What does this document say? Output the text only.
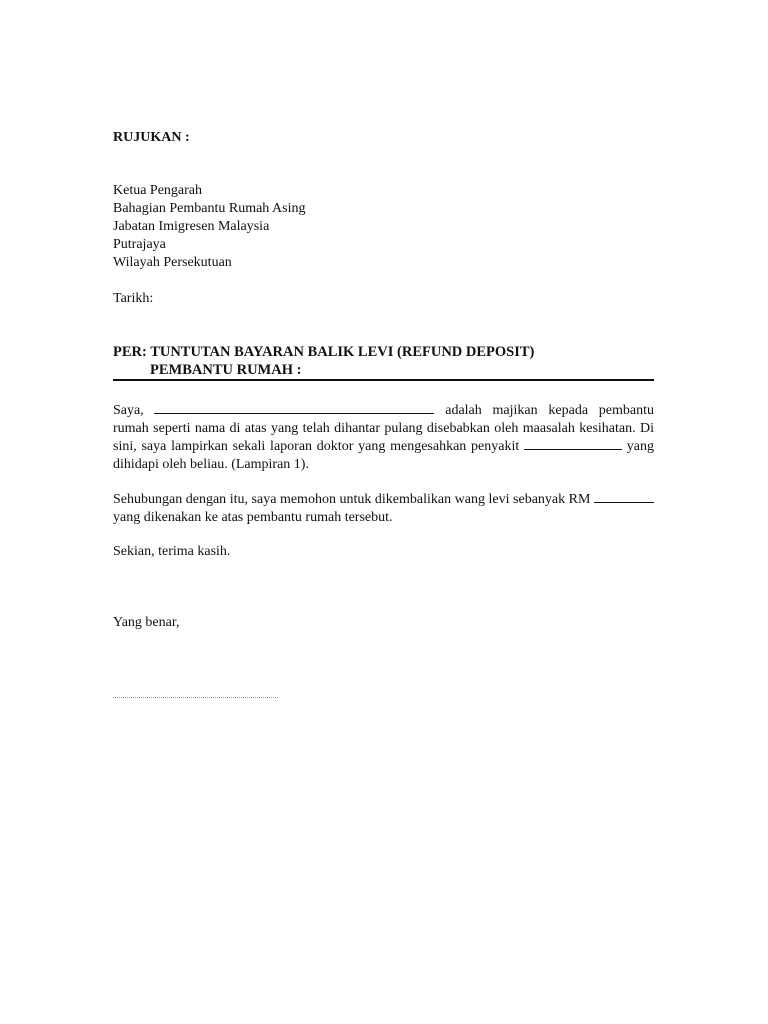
RUJUKAN :
Ketua Pengarah
Bahagian Pembantu Rumah Asing
Jabatan Imigresen Malaysia
Putrajaya
Wilayah Persekutuan
Tarikh:
PER: TUNTUTAN BAYARAN BALIK LEVI (REFUND DEPOSIT)
PEMBANTU RUMAH :

Saya,	adalah majikan kepada pembantu rumah seperti nama di atas yang telah dihantar pulang disebabkan oleh maasalah kesihatan. Di sini, saya lampirkan sekali laporan doktor yang mengesahkan penyakit	yang dihidapi oleh beliau. (Lampiran 1).

Sehubungan dengan itu, saya memohon untuk dikembalikan wang levi sebanyak RM  yang dikenakan ke atas pembantu rumah tersebut.

Sekian, terima kasih.
Yang benar,
